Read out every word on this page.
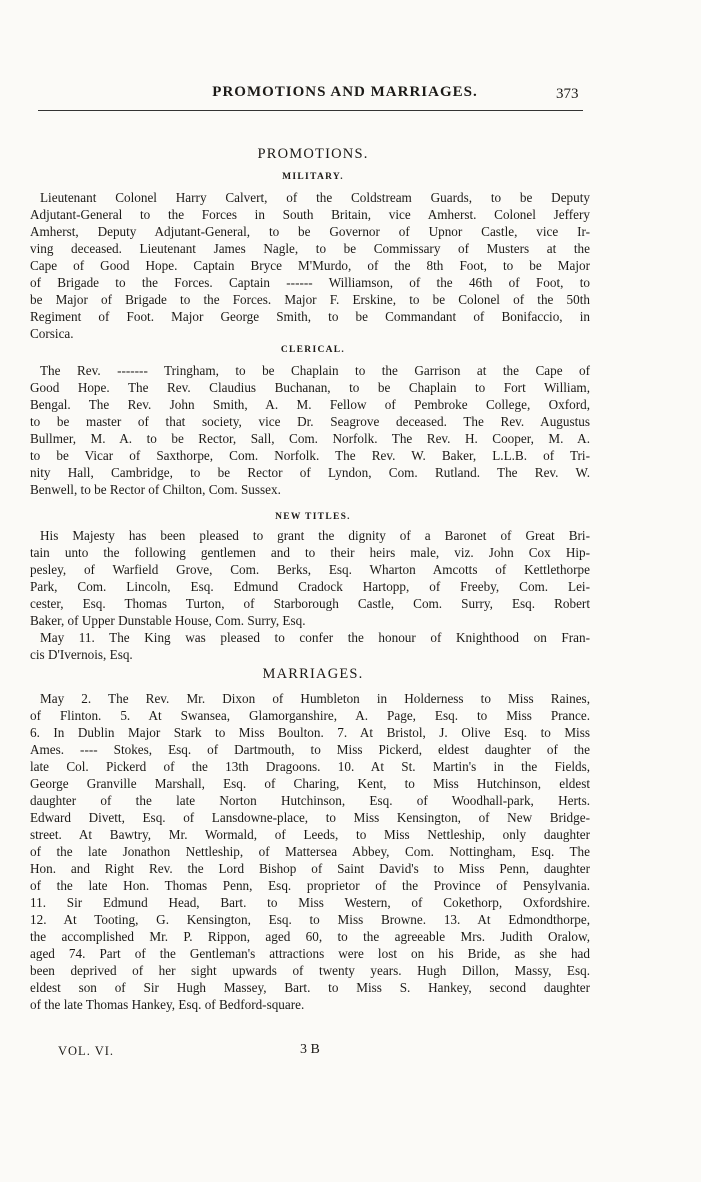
PROMOTIONS AND MARRIAGES.	373
PROMOTIONS.
MILITARY.
Lieutenant Colonel Harry Calvert, of the Coldstream Guards, to be Deputy
Adjutant-General to the Forces in South Britain, vice Amherst. Colonel Jeffery
Amherst, Deputy Adjutant-General, to be Governor of Upnor Castle, vice Ir-
ving deceased. Lieutenant James Nagle, to be Commissary of Musters at the
Cape of Good Hope. Captain Bryce M'Murdo, of the 8th Foot, to be Major
of Brigade to the Forces. Captain ------ Williamson, of the 46th of Foot, to
be Major of Brigade to the Forces. Major F. Erskine, to be Colonel of the 50th
Regiment of Foot. Major George Smith, to be Commandant of Bonifaccio, in
Corsica.
CLERICAL.
The Rev. ------- Tringham, to be Chaplain to the Garrison at the Cape of
Good Hope. The Rev. Claudius Buchanan, to be Chaplain to Fort William,
Bengal. The Rev. John Smith, A. M. Fellow of Pembroke College, Oxford,
to be master of that society, vice Dr. Seagrove deceased. The Rev. Augustus
Bullmer, M. A. to be Rector, Sall, Com. Norfolk. The Rev. H. Cooper, M. A.
to be Vicar of Saxthorpe, Com. Norfolk. The Rev. W. Baker, L.L.B. of Tri-
nity Hall, Cambridge, to be Rector of Lyndon, Com. Rutland. The Rev. W.
Benwell, to be Rector of Chilton, Com. Sussex.
NEW TITLES.
His Majesty has been pleased to grant the dignity of a Baronet of Great Bri-
tain unto the following gentlemen and to their heirs male, viz. John Cox Hip-
pesley, of Warfield Grove, Com. Berks, Esq. Wharton Amcotts of Kettlethorpe
Park, Com. Lincoln, Esq. Edmund Cradock Hartopp, of Freeby, Com. Lei-
cester, Esq. Thomas Turton, of Starborough Castle, Com. Surry, Esq. Robert
Baker, of Upper Dunstable House, Com. Surry, Esq.
May 11. The King was pleased to confer the honour of Knighthood on Fran-
cis D'Ivernois, Esq.
MARRIAGES.
May 2. The Rev. Mr. Dixon of Humbleton in Holderness to Miss Raines,
of Flinton. 5. At Swansea, Glamorganshire, A. Page, Esq. to Miss Prance.
6. In Dublin Major Stark to Miss Boulton. 7. At Bristol, J. Olive Esq. to Miss
Ames. ---- Stokes, Esq. of Dartmouth, to Miss Pickerd, eldest daughter of the
late Col. Pickerd of the 13th Dragoons. 10. At St. Martin's in the Fields,
George Granville Marshall, Esq. of Charing, Kent, to Miss Hutchinson, eldest
daughter of the late Norton Hutchinson, Esq. of Woodhall-park, Herts.
Edward Divett, Esq. of Lansdowne-place, to Miss Kensington, of New Bridge-
street. At Bawtry, Mr. Wormald, of Leeds, to Miss Nettleship, only daughter
of the late Jonathon Nettleship, of Mattersea Abbey, Com. Nottingham, Esq. The
Hon. and Right Rev. the Lord Bishop of Saint David's to Miss Penn, daughter
of the late Hon. Thomas Penn, Esq. proprietor of the Province of Pensylvania.
11. Sir Edmund Head, Bart. to Miss Western, of Cokethorp, Oxfordshire.
12. At Tooting, G. Kensington, Esq. to Miss Browne. 13. At Edmondthorpe,
the accomplished Mr. P. Rippon, aged 60, to the agreeable Mrs. Judith Oralow,
aged 74. Part of the Gentleman's attractions were lost on his Bride, as she had
been deprived of her sight upwards of twenty years. Hugh Dillon, Massy, Esq.
eldest son of Sir Hugh Massey, Bart. to Miss S. Hankey, second daughter
of the late Thomas Hankey, Esq. of Bedford-square.
VOL. VI.	3 B
